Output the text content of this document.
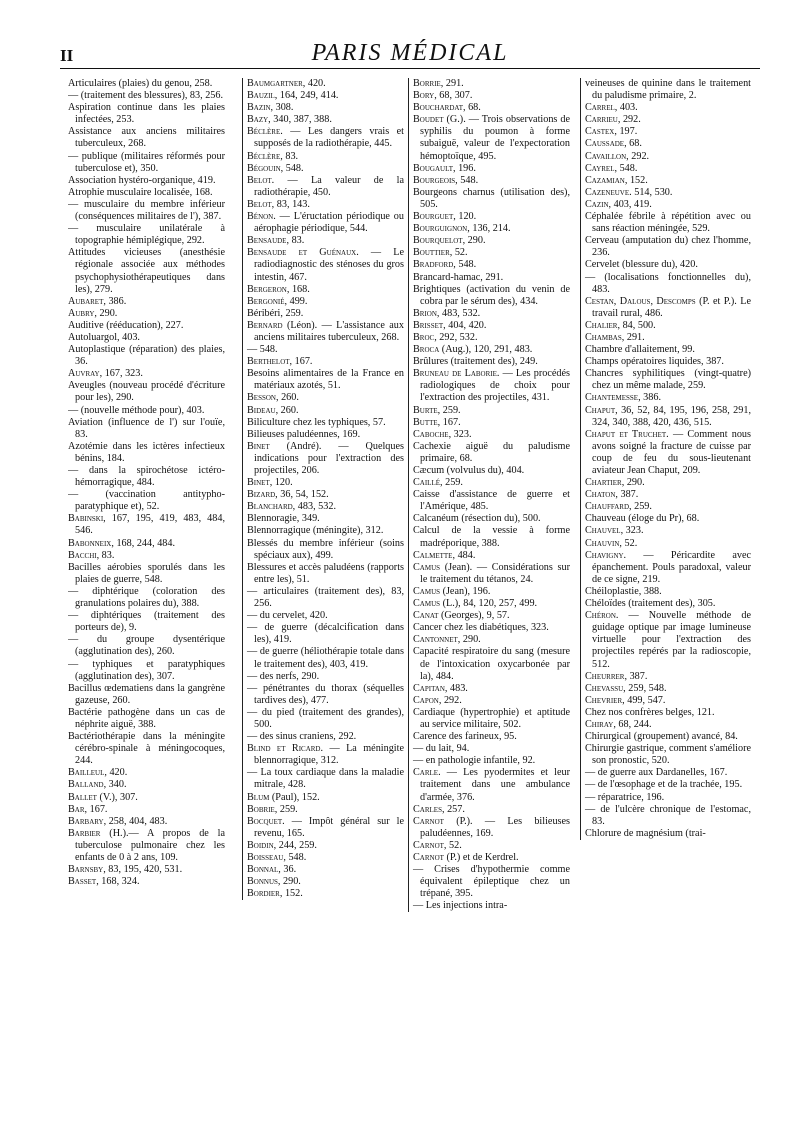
II	PARIS MÉDICAL

Articulaires (plaies) du genou, 258.

— (traitement des blessures), 83, 256.

Aspiration continue dans les plaies infectées, 253.

Assistance aux anciens militaires tuberculeux, 268.

— publique (militaires réformés pour tuberculose et), 350.

Association hystéro-organique, 419.

Atrophie musculaire localisée, 168.

— musculaire du membre inférieur (conséquences militaires de l'), 387.

— musculaire unilatérale à topographie hémiplégique, 292.

Attitudes vicieuses (anesthésie régionale associée aux méthodes psychophysiothérapeutiques dans les), 279.

Aubaret, 386.

Aubry, 290.

Auditive (rééducation), 227.

Autoluargol, 403.

Autoplastique (réparation) des plaies, 36.

Auvray, 167, 323.

Aveugles (nouveau procédé d'écriture pour les), 290.

— (nouvelle méthode pour), 403.

Aviation (influence de l') sur l'ouïe, 83.

Azotémie dans les ictères infectieux bénins, 184.

— dans la spirochétose ictéro-hémorragique, 484.

— (vaccination antitypho-paratyphique et), 52.

Babinski, 167, 195, 419, 483, 484, 546.

Babonneix, 168, 244, 484.

Bacchi, 83.

Bacilles aérobies sporulés dans les plaies de guerre, 548.

— diphtérique (coloration des granulations polaires du), 388.

— diphtériques (traitement des porteurs de), 9.

— du groupe dysentérique (agglutination des), 260.

— typhiques et paratyphiques (agglutination des), 307.

Bacillus œdematiens dans la gangrène gazeuse, 260.

Bactérie pathogène dans un cas de néphrite aiguë, 388.

Bactériothérapie dans la méningite cérébro-spinale à méningocoques, 244.

Bailleul, 420.

Balland, 340.

Ballet (V.), 307.

Bar, 167.

Barbary, 258, 404, 483.

Barbier (H.).— A propos de la tuberculose pulmonaire chez les enfants de 0 à 2 ans, 109.

Barnsby, 83, 195, 420, 531.

Basset, 168, 324.

Baumgartner, 420.

Bauzil, 164, 249, 414.

Bazin, 308.

Bazy, 340, 387, 388.

Béclère. — Les dangers vrais et supposés de la radiothérapie, 445.

Béclère, 83.

Bégouin, 548.

Belot. — La valeur de la radiothérapie, 450.

Belot, 83, 143.

Bénon. — L'éructation périodique ou aérophagie périodique, 544.

Bensaude, 83.

Bensaude et Guénaux. — Le radiodiagnostic des sténoses du gros intestin, 467.

Bergeron, 168.

Bergonié, 499.

Béribéri, 259.

Bernard (Léon). — L'assistance aux anciens militaires tuberculeux, 268.

— 548.

Berthelot, 167.

Besoins alimentaires de la France en matériaux azotés, 51.

Besson, 260.

Bideau, 260.

Biliculture chez les typhiques, 57.

Bilieuses paludéennes, 169.

Binet (André). — Quelques indications pour l'extraction des projectiles, 206.

Binet, 120.

Bizard, 36, 54, 152.

Blanchard, 483, 532.

Blennoragie, 349.

Blennorragique (méningite), 312.

Blessés du membre inférieur (soins spéciaux aux), 499.

Blessures et accès paludéens (rapports entre les), 51.

— articulaires (traitement des), 83, 256.

— du cervelet, 420.

— de guerre (décalcification dans les), 419.

— de guerre (héliothérapie totale dans le traitement des), 403, 419.

— des nerfs, 290.

— pénétrantes du thorax (séquelles tardives des), 477.

— du pied (traitement des grandes), 500.

— des sinus craniens, 292.

Blind et Ricard. — La méningite blennorragique, 312.

— La toux cardiaque dans la maladie mitrale, 428.

Blum (Paul), 152.

Bobrie, 259.

Bocquet. — Impôt général sur le revenu, 165.

Boidin, 244, 259.

Boisseau, 548.

Bonnal, 36.

Bonnus, 290.

Bordier, 152.

Borrie, 291.

Bory, 68, 307.

Bouchardat, 68.

Boudet (G.). — Trois observations de syphilis du poumon à forme subaiguë, valeur de l'expectoration hémoptoïque, 495.

Bougault, 196.

Bourgeois, 548.

Bourgeons charnus (utilisation des), 505.

Bourguet, 120.

Bourguignon, 136, 214.

Bourquelot, 290.

Bouttier, 52.

Bradford, 548.

Brancard-hamac, 291.

Brightiques (activation du venin de cobra par le sérum des), 434.

Brion, 483, 532.

Brisset, 404, 420.

Broc, 292, 532.

Broca (Aug.), 120, 291, 483.

Brûlures (traitement des), 249.

Bruneau de Laborie. — Les procédés radiologiques de choix pour l'extraction des projectiles, 431.

Burte, 259.

Butte, 167.

Caboche, 323.

Cachexie aiguë du paludisme primaire, 68.

Cæcum (volvulus du), 404.

Caillé, 259.

Caisse d'assistance de guerre et l'Amérique, 485.

Calcanéum (résection du), 500.

Calcul de la vessie à forme madréporique, 388.

Calmette, 484.

Camus (Jean). — Considérations sur le traitement du tétanos, 24.

Camus (Jean), 196.

Camus (L.), 84, 120, 257, 499.

Canat (Georges), 9, 57.

Cancer chez les diabétiques, 323.

Cantonnet, 290.

Capacité respiratoire du sang (mesure de l'intoxication oxycarbonée par la), 484.

Capitan, 483.

Capon, 292.

Cardiaque (hypertrophie) et aptitude au service militaire, 502.

Carence des farineux, 95.

— du lait, 94.

— en pathologie infantile, 92.

Carle. — Les pyodermites et leur traitement dans une ambulance d'armée, 376.

Carles, 257.

Carnot (P.). — Les bilieuses paludéennes, 169.

Carnot, 52.

Carnot (P.) et de Kerdrel.

— Crises d'hypothermie comme équivalent épileptique chez un trépané, 395.

— Les injections intra-

veineuses de quinine dans le traitement du paludisme primaire, 2.

Carrel, 403.

Carrieu, 292.

Castex, 197.

Caussade, 68.

Cavaillon, 292.

Cayrel, 548.

Cazamian, 152.

Cazeneuve. 514, 530.

Cazin, 403, 419.

Céphalée fébrile à répétition avec ou sans réaction méningée, 529.

Cerveau (amputation du) chez l'homme, 236.

Cervelet (blessure du), 420.

— (localisations fonctionnelles du), 483.

Cestan, Dalous, Descomps (P. et P.). Le travail rural, 486.

Chalier, 84, 500.

Chambas, 291.

Chambre d'allaitement, 99.

Champs opératoires liquides, 387.

Chancres syphilitiques (vingt-quatre) chez un même malade, 259.

Chantemesse, 386.

Chaput, 36, 52, 84, 195, 196, 258, 291, 324, 340, 388, 420, 436, 515.

Chaput et Truchet. — Comment nous avons soigné la fracture de cuisse par coup de feu du sous-lieutenant aviateur Jean Chaput, 209.

Chartier, 290.

Chaton, 387.

Chauffard, 259.

Chauveau (éloge du Pr), 68.

Chauvel, 323.

Chauvin, 52.

Chavigny. — Péricardite avec épanchement. Pouls paradoxal, valeur de ce signe, 219.

Chéiloplastie, 388.

Chéloïdes (traitement des), 305.

Chéron. — Nouvelle méthode de guidage optique par image lumineuse virtuelle pour l'extraction des projectiles repérés par la radioscopie, 512.

Cheurrer, 387.

Chevassu, 259, 548.

Chevrier, 499, 547.

Chez nos confrères belges, 121.

Chiray, 68, 244.

Chirurgical (groupement) avancé, 84.

Chirurgie gastrique, comment s'améliore son pronostic, 520.

— de guerre aux Dardanelles, 167.

— de l'œsophage et de la trachée, 195.

— réparatrice, 196.

— de l'ulcère chronique de l'estomac, 83.

Chlorure de magnésium (trai-
